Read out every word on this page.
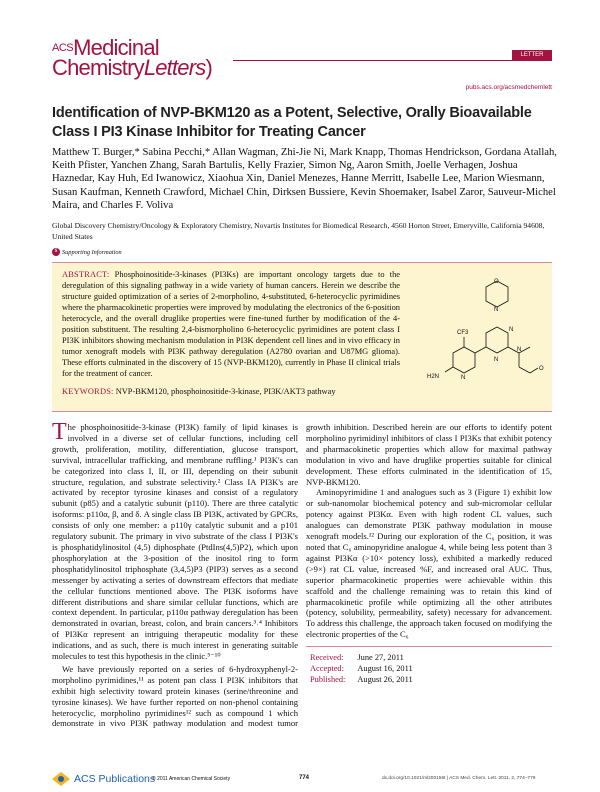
$^{ACS}$Medicinal
ChemistryLetters)	LETTER
pubs.acs.org/acsmedchemlett
Identification of NVP-BKM120 as a Potent, Selective, Orally Bioavailable Class I PI3 Kinase Inhibitor for Treating Cancer
Matthew T. Burger,* Sabina Pecchi,* Allan Wagman, Zhi-Jie Ni, Mark Knapp, Thomas Hendrickson, Gordana Atallah, Keith Pfister, Yanchen Zhang, Sarah Bartulis, Kelly Frazier, Simon Ng, Aaron Smith, Joelle Verhagen, Joshua Haznedar, Kay Huh, Ed Iwanowicz, Xiaohua Xin, Daniel Menezes, Hanne Merritt, Isabelle Lee, Marion Wiesmann, Susan Kaufman, Kenneth Crawford, Michael Chin, Dirksen Bussiere, Kevin Shoemaker, Isabel Zaror, Sauveur-Michel Maira, and Charles F. Voliva
Global Discovery Chemistry/Oncology & Exploratory Chemistry, Novartis Institutes for Biomedical Research, 4560 Horton Street, Emeryville, California 94608, United States
S Supporting Information
ABSTRACT: Phosphoinositide-3-kinases (PI3Ks) are important oncology targets due to the deregulation of this signaling pathway in a wide variety of human cancers. Herein we describe the structure guided optimization of a series of 2-morpholino, 4-substituted, 6-heterocyclic pyrimidines where the pharmacokinetic properties were improved by modulating the electronics of the 6-position heterocycle, and the overall druglike properties were fine-tuned further by modification of the 4-position substituent. The resulting 2,4-bismorpholino 6-heterocyclic pyrimidines are potent class I PI3K inhibitors showing mechanism modulation in PI3K dependent cell lines and in vivo efficacy in tumor xenograft models with PI3K pathway deregulation (A2780 ovarian and U87MG glioma). These efforts culminated in the discovery of 15 (NVP-BKM120), currently in Phase II clinical trials for the treatment of cancer.
KEYWORDS: NVP-BKM120, phosphoinositide-3-kinase, PI3K/AKT3 pathway
O
N
CF3	N
N
N
O
H2N	N

The phosphoinositide-3-kinase (PI3K) family of lipid kinases is involved in a diverse set of cellular functions, including cell growth, proliferation, motility, differentiation, glucose transport, survival, intracellular trafficking, and membrane ruffling.¹ PI3K's can be categorized into class I, II, or III, depending on their subunit structure, regulation, and substrate selectivity.² Class IA PI3K's are activated by receptor tyrosine kinases and consist of a regulatory subunit (p85) and a catalytic subunit (p110). There are three catalytic isoforms: p110α, β, and δ. A single class IB PI3K, activated by GPCRs, consists of only one member: a p110γ catalytic subunit and a p101 regulatory subunit. The primary in vivo substrate of the class I PI3K's is phosphatidylinositol (4,5) diphosphate (PtdIns(4,5)P2), which upon phosphorylation at the 3-position of the inositol ring to form phosphatidylinositol triphosphate (3,4,5)P3 (PIP3) serves as a second messenger by activating a series of downstream effectors that mediate the cellular functions mentioned above. The PI3K isoforms have different distributions and share similar cellular functions, which are context dependent. In particular, p110α pathway deregulation has been demonstrated in ovarian, breast, colon, and brain cancers.³˒⁴ Inhibitors of PI3Kα represent an intriguing therapeutic modality for these indications, and as such, there is much interest in generating suitable molecules to test this hypothesis in the clinic.⁵⁻¹⁰

We have previously reported on a series of 6-hydroxyphenyl-2-morpholino pyrimidines,¹¹ as potent pan class I PI3K inhibitors that exhibit high selectivity toward protein kinases (serine/threonine and tyrosine kinases). We have further reported on non-phenol containing heterocyclic, morpholino pyrimidines¹² such as compound 1 which demonstrate in vivo PI3K pathway modulation and modest tumor growth inhibition. Described herein are our efforts to identify potent morpholino pyrimidinyl inhibitors of class I PI3Ks that exhibit potency and pharmacokinetic properties which allow for maximal pathway modulation in vivo and have druglike properties suitable for clinical development. These efforts culminated in the identification of 15, NVP-BKM120.

Aminopyrimidine 1 and analogues such as 3 (Figure 1) exhibit low or sub-nanomolar biochemical potency and sub-micromolar cellular potency against PI3Kα. Even with high rodent CL values, such analogues can demonstrate PI3K pathway modulation in mouse xenograft models.¹² During our exploration of the C₆ position, it was noted that C₆ aminopyridine analogue 4, while being less potent than 3 against PI3Kα (>10× potency loss), exhibited a markedly reduced (>9×) rat CL value, increased %F, and increased oral AUC. Thus, superior pharmacokinetic properties were achievable within this scaffold and the challenge remaining was to retain this kind of pharmacokinetic profile while optimizing all the other attributes (potency, solubility, permeability, safety) necessary for advancement. To address this challenge, the approach taken focused on modifying the electronic properties of the C₆

Received:	June 27, 2011
Accepted:	August 16, 2011
Published:	August 26, 2011
ACS Publications
© 2011 American Chemical Society	774	dx.doi.org/10.1021/ml200156t | ACS Med. Chem. Lett. 2011, 2, 774–779
